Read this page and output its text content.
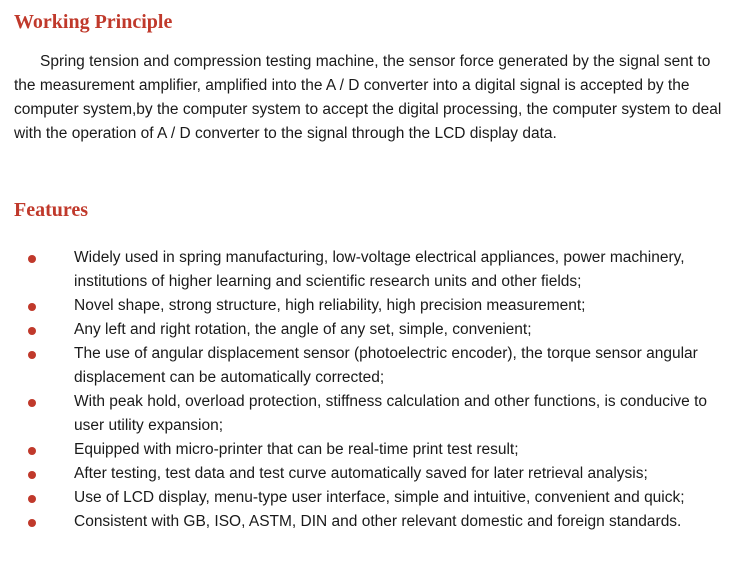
Working Principle

Spring tension and compression testing machine, the sensor force generated by the signal sent to the measurement amplifier, amplified into the A / D converter into a digital signal is accepted by the computer system,by the computer system to accept the digital processing, the computer system to deal with the operation of A / D converter to the signal through the LCD display data.

Features
Widely used in spring manufacturing, low-voltage electrical appliances, power machinery, institutions of higher learning and scientific research units and other fields;
Novel shape, strong structure, high reliability, high precision measurement;
Any left and right rotation, the angle of any set, simple, convenient;
The use of angular displacement sensor (photoelectric encoder), the torque sensor angular displacement can be automatically corrected;
With peak hold, overload protection, stiffness calculation and other functions, is conducive to user utility expansion;
Equipped with micro-printer that can be real-time print test result;
After testing, test data and test curve automatically saved for later retrieval analysis;
Use of LCD display, menu-type user interface, simple and intuitive, convenient and quick;
Consistent with GB, ISO, ASTM, DIN and other relevant domestic and foreign standards.
